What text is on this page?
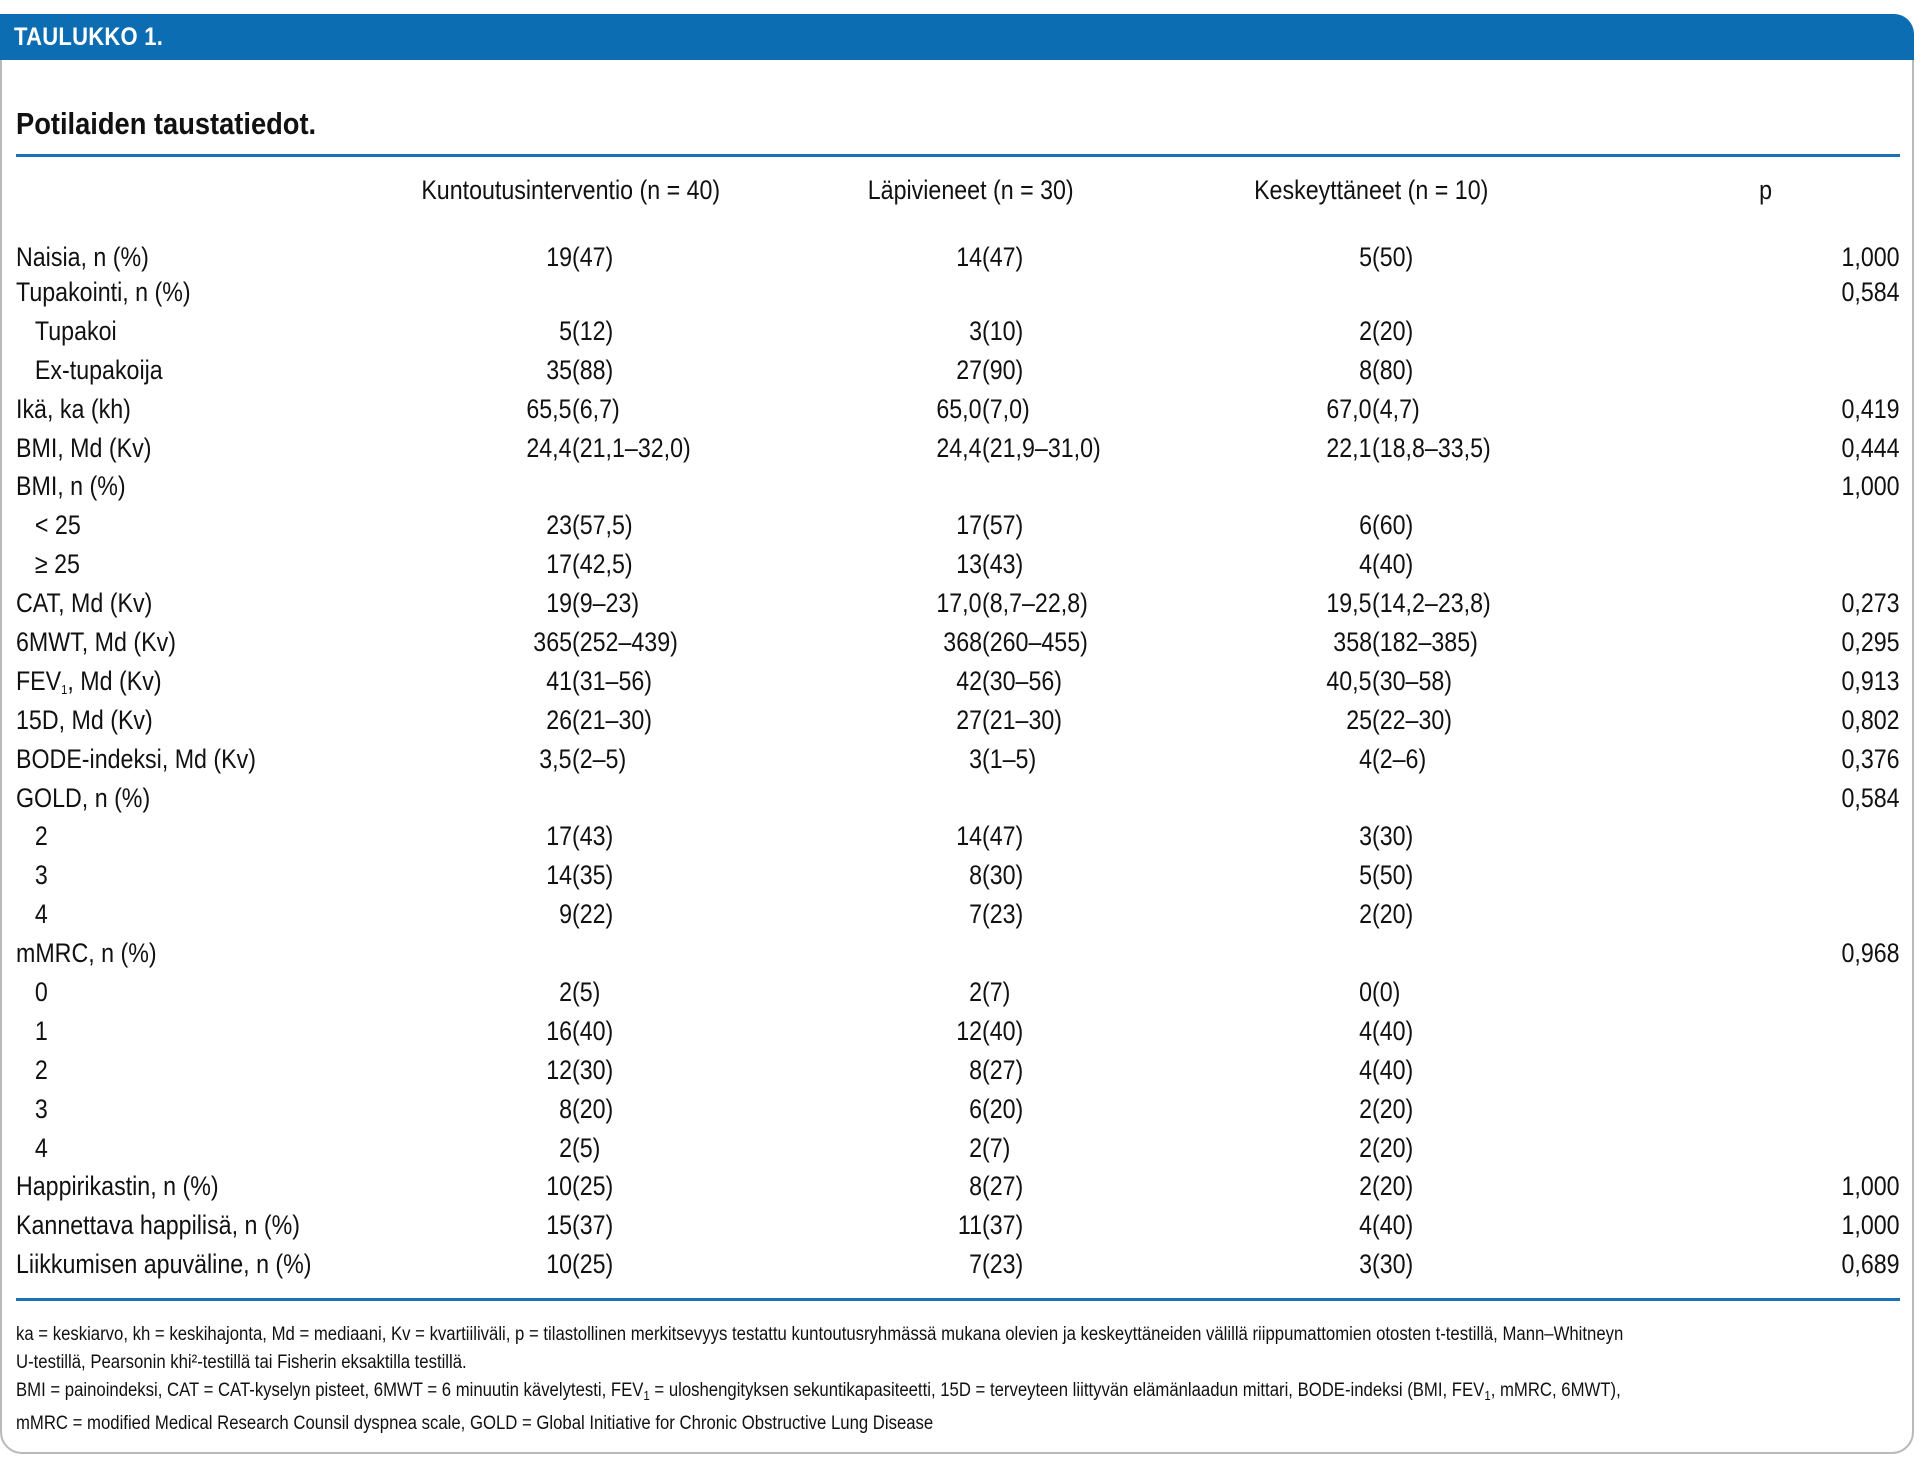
TAULUKKO 1.
Potilaiden taustatiedot.
	Kuntoutusinterventio (n = 40)		Läpivieneet (n = 30)		Keskeyttäneet (n = 10)		p
Naisia, n (%)	19	(47)	14	(47)	5	(50)	1,000
Tupakointi, n (%)							0,584
Tupakoi	5	(12)	3	(10)	2	(20)	
Ex-tupakoija	35	(88)	27	(90)	8	(80)	
Ikä, ka (kh)	65,5	(6,7)	65,0	(7,0)	67,0	(4,7)	0,419
BMI, Md (Kv)	24,4	(21,1–32,0)	24,4	(21,9–31,0)	22,1	(18,8–33,5)	0,444
BMI, n (%)							1,000
< 25	23	(57,5)	17	(57)	6	(60)	
≥ 25	17	(42,5)	13	(43)	4	(40)	
CAT, Md (Kv)	19	(9–23)	17,0	(8,7–22,8)	19,5	(14,2–23,8)	0,273
6MWT, Md (Kv)	365	(252–439)	368	(260–455)	358	(182–385)	0,295
$FEV_1$, Md (Kv)	41	(31–56)	42	(30–56)	40,5	(30–58)	0,913
15D, Md (Kv)	26	(21–30)	27	(21–30)	25	(22–30)	0,802
BODE-indeksi, Md (Kv)	3,5	(2–5)	3	(1–5)	4	(2–6)	0,376
GOLD, n (%)							0,584
2	17	(43)	14	(47)	3	(30)	
3	14	(35)	8	(30)	5	(50)	
4	9	(22)	7	(23)	2	(20)	
mMRC, n (%)							0,968
0	2	(5)	2	(7)	0	(0)	
1	16	(40)	12	(40)	4	(40)	
2	12	(30)	8	(27)	4	(40)	
3	8	(20)	6	(20)	2	(20)	
4	2	(5)	2	(7)	2	(20)	
Happirikastin, n (%)	10	(25)	8	(27)	2	(20)	1,000
Kannettava happilisä, n (%)	15	(37)	11	(37)	4	(40)	1,000
Liikkumisen apuväline, n (%)	10	(25)	7	(23)	3	(30)	0,689

ka = keskiarvo, kh = keskihajonta, Md = mediaani, Kv = kvartiiliväli, p = tilastollinen merkitsevyys testattu kuntoutusryhmässä mukana olevien ja keskeyttäneiden välillä riippumattomien otosten t-testillä, Mann–Whitneyn

U-testillä, Pearsonin khi²-testillä tai Fisherin eksaktilla testillä.

BMI = painoindeksi, CAT = CAT-kyselyn pisteet, 6MWT = 6 minuutin kävelytesti, $FEV_1$ = uloshengityksen sekuntikapasiteetti, 15D = terveyteen liittyvän elämänlaadun mittari, BODE-indeksi (BMI, $FEV_1$, mMRC, 6MWT),

mMRC = modified Medical Research Counsil dyspnea scale, GOLD = Global Initiative for Chronic Obstructive Lung Disease
